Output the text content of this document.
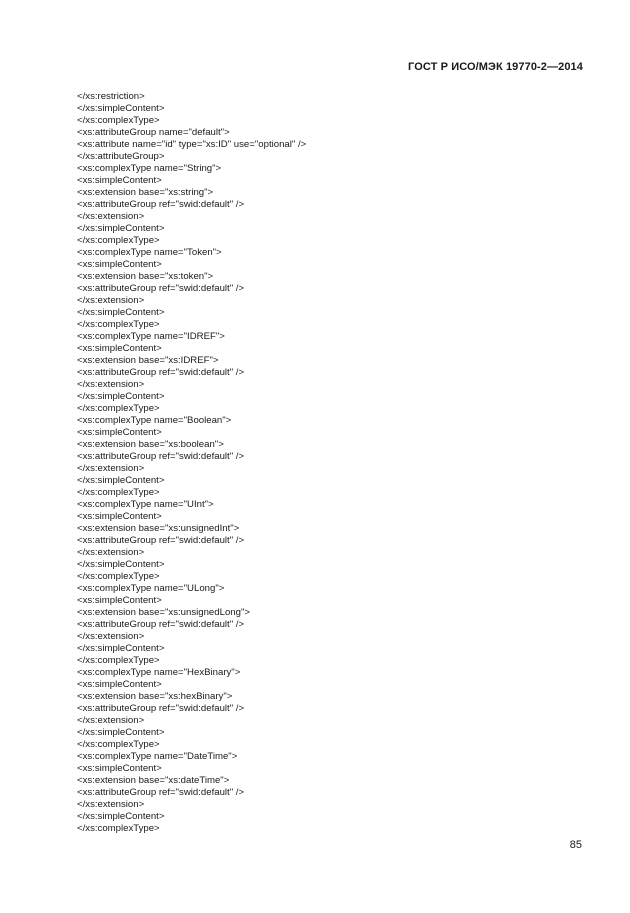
ГОСТ Р ИСО/МЭК 19770-2—2014
</xs:restriction>
</xs:simpleContent>
</xs:complexType>
<xs:attributeGroup name="default">
<xs:attribute name="id" type="xs:ID" use="optional" />
</xs:attributeGroup>
<xs:complexType name="String">
<xs:simpleContent>
<xs:extension base="xs:string">
<xs:attributeGroup ref="swid:default" />
</xs:extension>
</xs:simpleContent>
</xs:complexType>
<xs:complexType name="Token">
<xs:simpleContent>
<xs:extension base="xs:token">
<xs:attributeGroup ref="swid:default" />
</xs:extension>
</xs:simpleContent>
</xs:complexType>
<xs:complexType name="IDREF">
<xs:simpleContent>
<xs:extension base="xs:IDREF">
<xs:attributeGroup ref="swid:default" />
</xs:extension>
</xs:simpleContent>
</xs:complexType>
<xs:complexType name="Boolean">
<xs:simpleContent>
<xs:extension base="xs:boolean">
<xs:attributeGroup ref="swid:default" />
</xs:extension>
</xs:simpleContent>
</xs:complexType>
<xs:complexType name="UInt">
<xs:simpleContent>
<xs:extension base="xs:unsignedInt">
<xs:attributeGroup ref="swid:default" />
</xs:extension>
</xs:simpleContent>
</xs:complexType>
<xs:complexType name="ULong">
<xs:simpleContent>
<xs:extension base="xs:unsignedLong">
<xs:attributeGroup ref="swid:default" />
</xs:extension>
</xs:simpleContent>
</xs:complexType>
<xs:complexType name="HexBinary">
<xs:simpleContent>
<xs:extension base="xs:hexBinary">
<xs:attributeGroup ref="swid:default" />
</xs:extension>
</xs:simpleContent>
</xs:complexType>
<xs:complexType name="DateTime">
<xs:simpleContent>
<xs:extension base="xs:dateTime">
<xs:attributeGroup ref="swid:default" />
</xs:extension>
</xs:simpleContent>
</xs:complexType>
85
